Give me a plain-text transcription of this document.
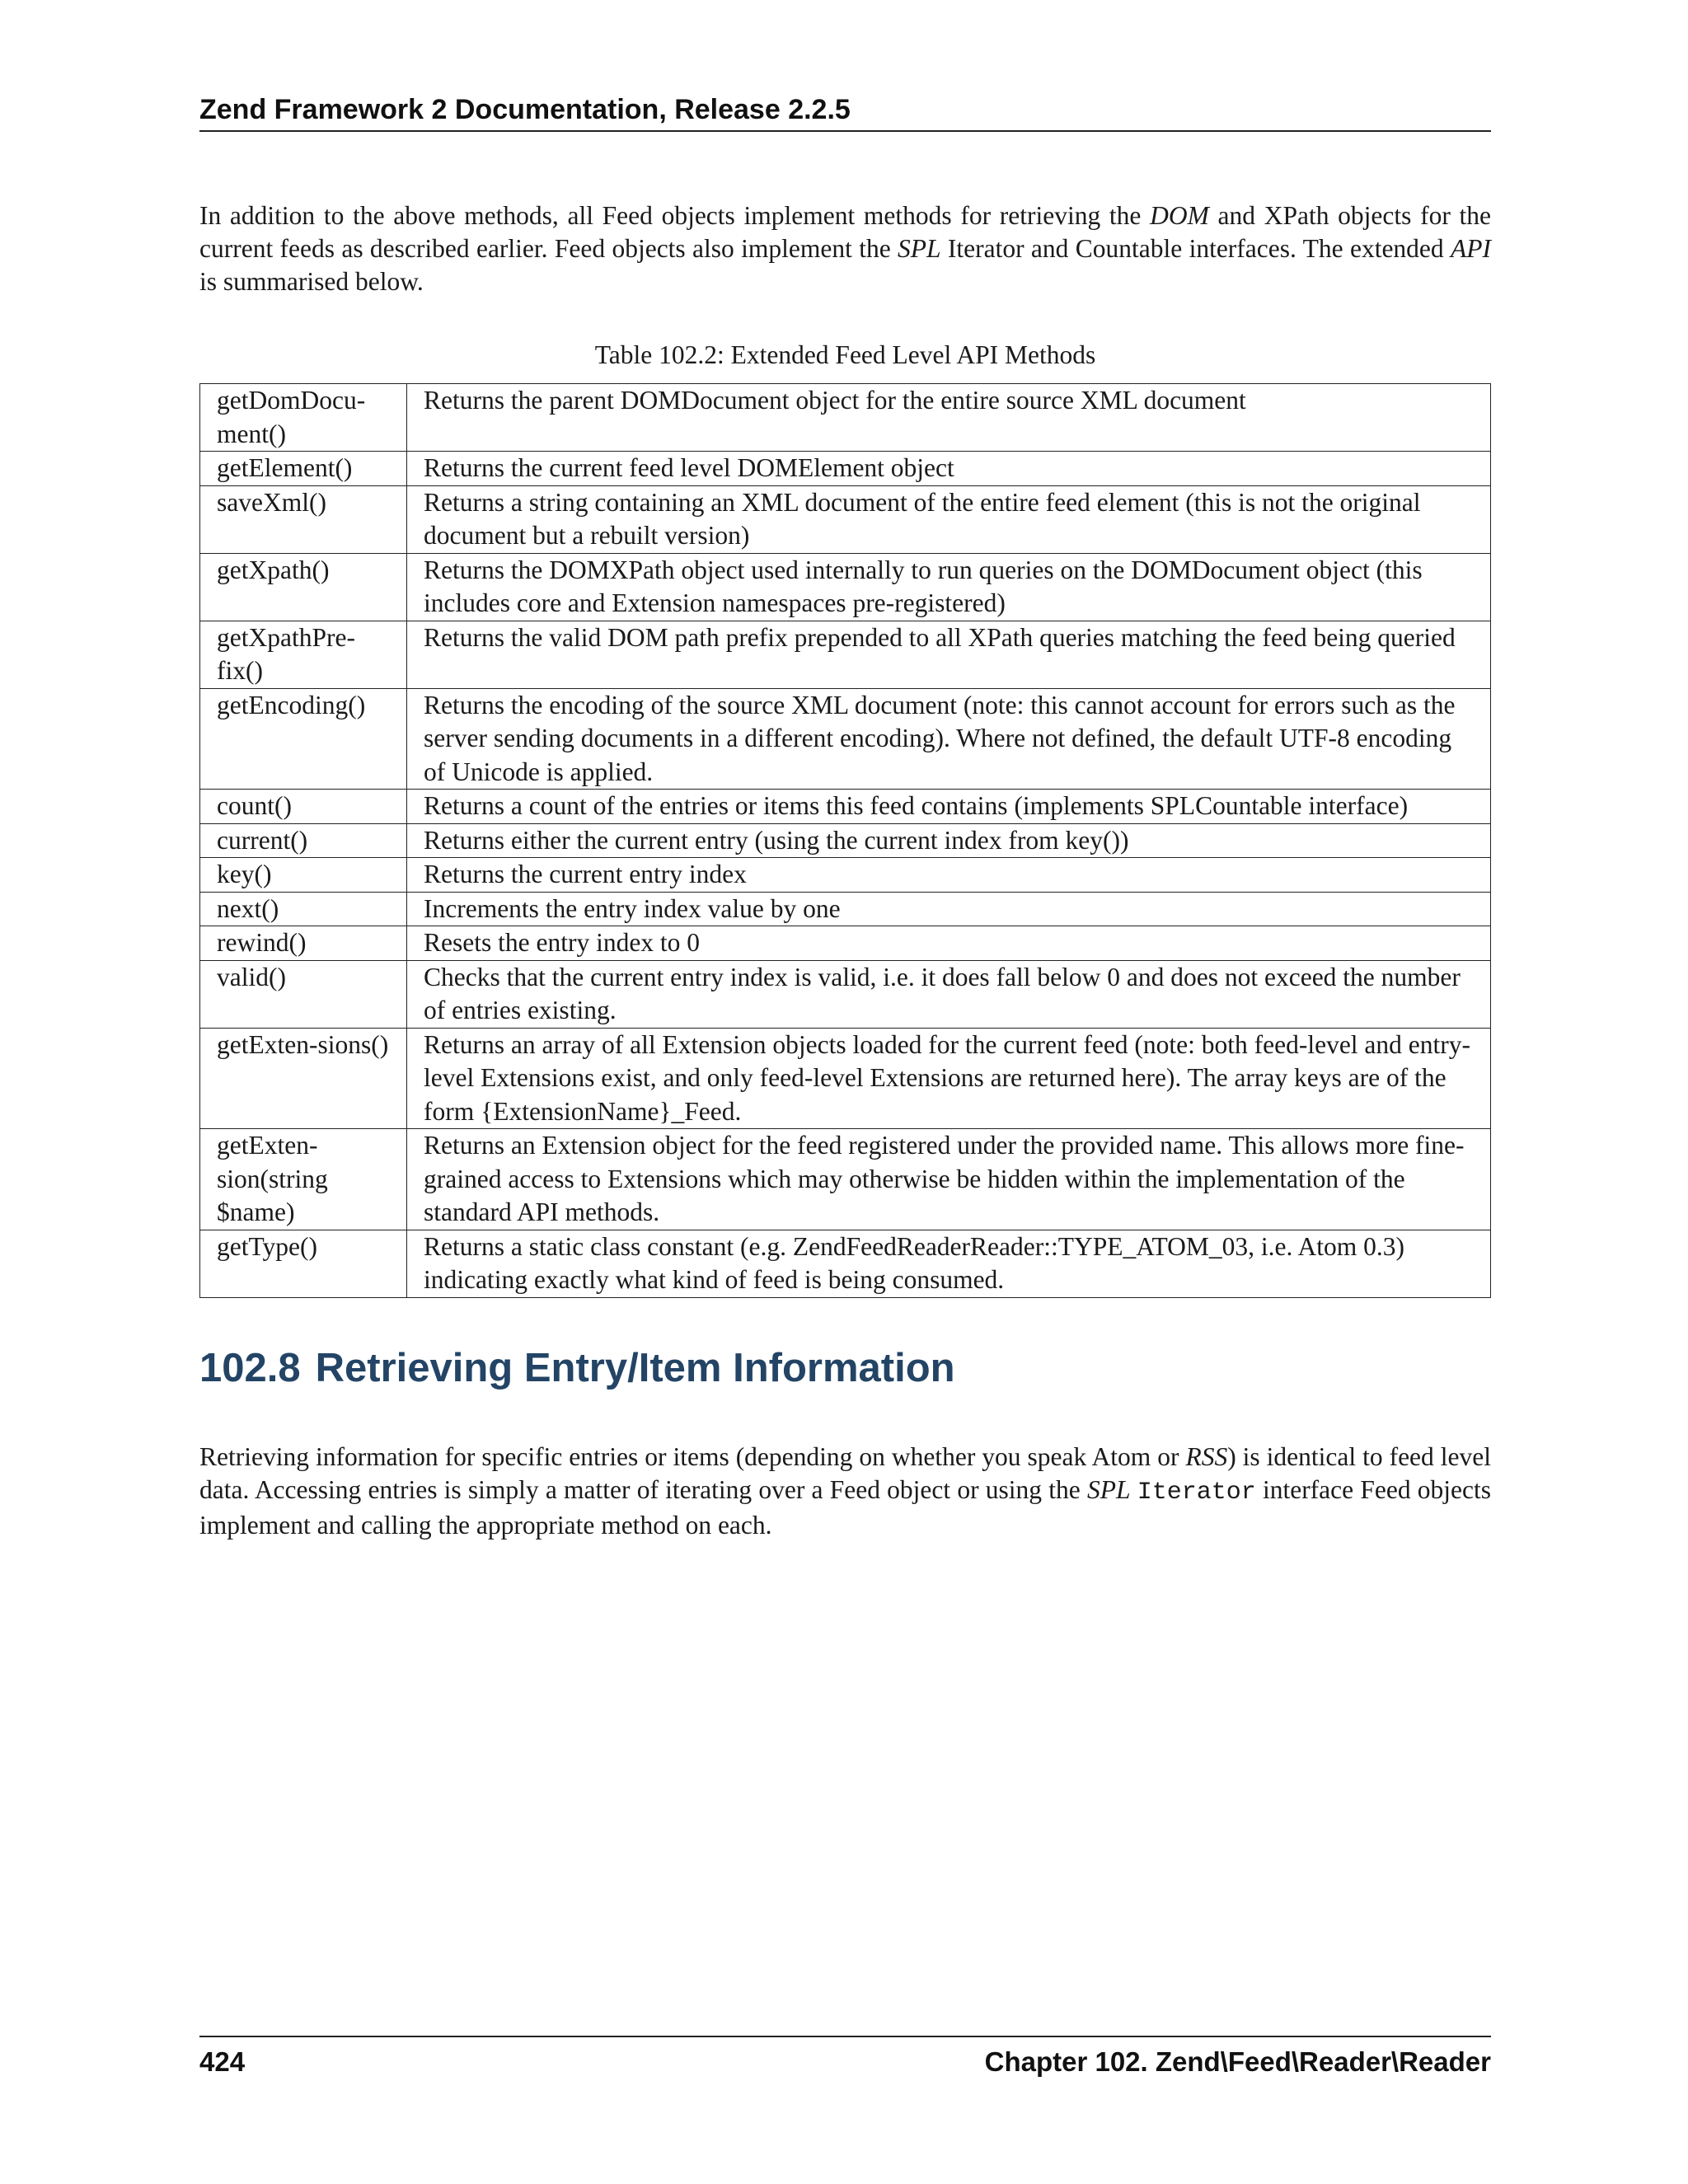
Zend Framework 2 Documentation, Release 2.2.5

In addition to the above methods, all Feed objects implement methods for retrieving the DOM and XPath objects for the current feeds as described earlier. Feed objects also implement the SPL Iterator and Countable interfaces. The extended API is summarised below.

Table 102.2: Extended Feed Level API Methods
getDomDocu-ment()	Returns the parent DOMDocument object for the entire source XML document
getElement()	Returns the current feed level DOMElement object
saveXml()	Returns a string containing an XML document of the entire feed element (this is not the original document but a rebuilt version)
getXpath()	Returns the DOMXPath object used internally to run queries on the DOMDocument object (this includes core and Extension namespaces pre-registered)
getXpathPre-fix()	Returns the valid DOM path prefix prepended to all XPath queries matching the feed being queried
getEncoding()	Returns the encoding of the source XML document (note: this cannot account for errors such as the server sending documents in a different encoding). Where not defined, the default UTF-8 encoding of Unicode is applied.
count()	Returns a count of the entries or items this feed contains (implements SPLCountable interface)
current()	Returns either the current entry (using the current index from key())
key()	Returns the current entry index
next()	Increments the entry index value by one
rewind()	Resets the entry index to 0
valid()	Checks that the current entry index is valid, i.e. it does fall below 0 and does not exceed the number of entries existing.
getExten-sions()	Returns an array of all Extension objects loaded for the current feed (note: both feed-level and entry-level Extensions exist, and only feed-level Extensions are returned here). The array keys are of the form {ExtensionName}_Feed.
getExten-sion(string $name)	Returns an Extension object for the feed registered under the provided name. This allows more fine-grained access to Extensions which may otherwise be hidden within the implementation of the standard API methods.
getType()	Returns a static class constant (e.g. ZendFeedReaderReader::TYPE_ATOM_03, i.e. Atom 0.3) indicating exactly what kind of feed is being consumed.
102.8 Retrieving Entry/Item Information

Retrieving information for specific entries or items (depending on whether you speak Atom or RSS) is identical to feed level data. Accessing entries is simply a matter of iterating over a Feed object or using the SPL Iterator interface Feed objects implement and calling the appropriate method on each.

424	Chapter 102. Zend\Feed\Reader\Reader
